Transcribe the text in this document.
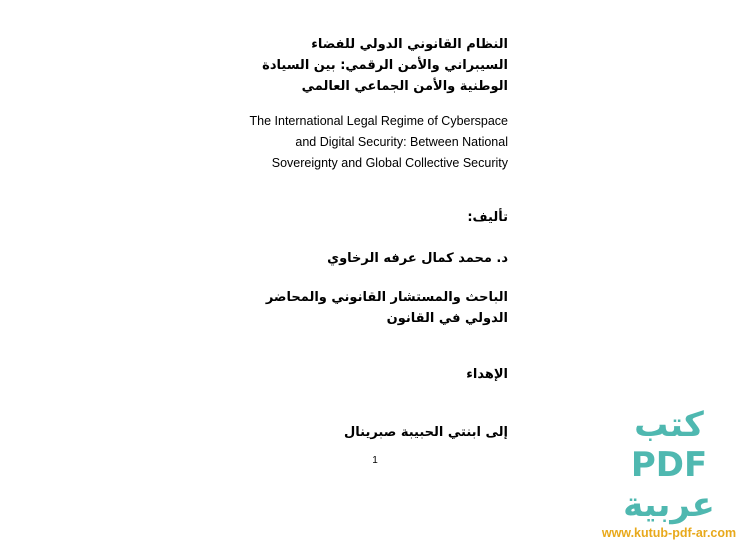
النظام القانوني الدولي للفضاء السيبراني والأمن الرقمي: بين السيادة الوطنية والأمن الجماعي العالمي
The International Legal Regime of Cyberspace and Digital Security: Between National Sovereignty and Global Collective Security
تأليف:
د. محمد كمال عرفه الرخاوي
الباحث والمستشار القانوني والمحاضر الدولي في القانون
الإهداء
إلى ابنتي الحبيبة صبرينال
1
كتب PDF عربية
www.kutub-pdf-ar.com
